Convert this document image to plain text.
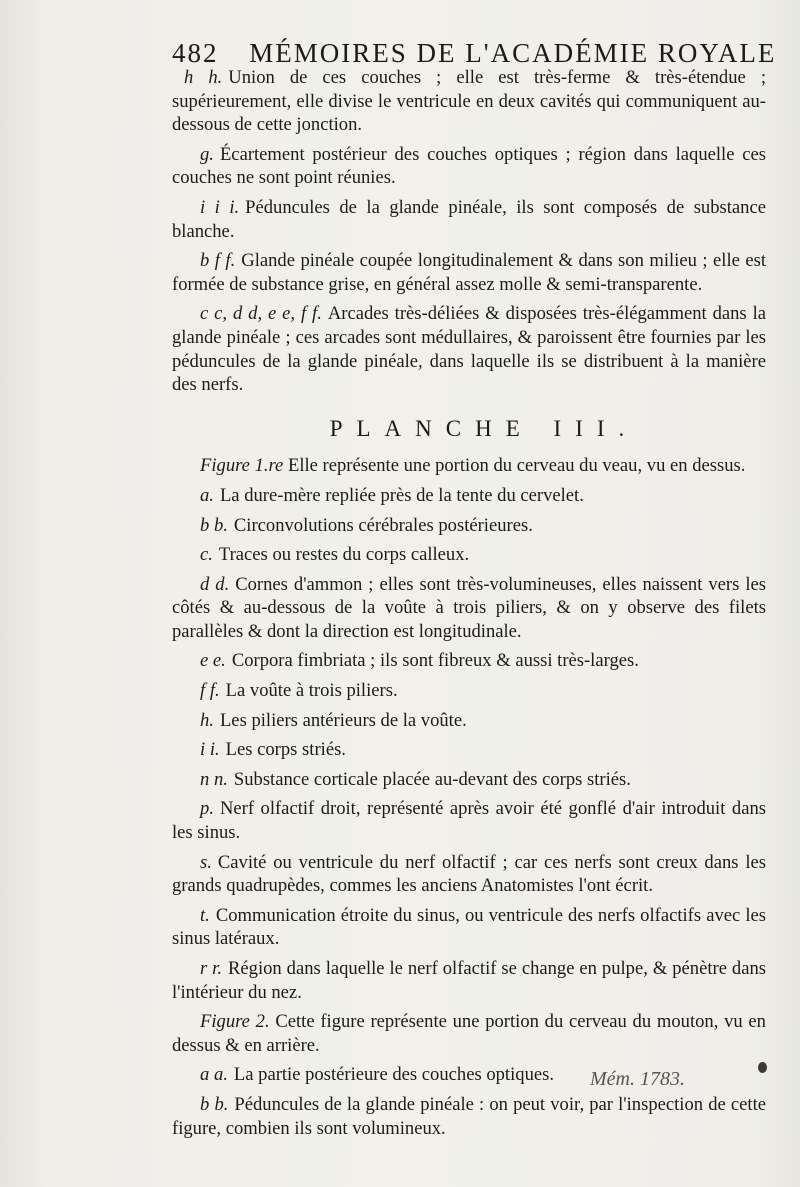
482 MÉMOIRES DE L'ACADÉMIE ROYALE

h h. Union de ces couches ; elle est très-ferme & très-étendue ; supérieurement, elle divise le ventricule en deux cavités qui communiquent au-dessous de cette jonction.

g. Écartement postérieur des couches optiques ; région dans laquelle ces couches ne sont point réunies.

i i i. Péduncules de la glande pinéale, ils sont composés de substance blanche.

b f f. Glande pinéale coupée longitudinalement & dans son milieu ; elle est formée de substance grise, en général assez molle & semi-transparente.

c c, d d, e e, f f. Arcades très-déliées & disposées très-élégamment dans la glande pinéale ; ces arcades sont médullaires, & paroissent être fournies par les péduncules de la glande pinéale, dans laquelle ils se distribuent à la manière des nerfs.

PLANCHE III.

Figure 1.re Elle représente une portion du cerveau du veau, vu en dessus.

a. La dure-mère repliée près de la tente du cervelet.

b b. Circonvolutions cérébrales postérieures.

c. Traces ou restes du corps calleux.

d d. Cornes d'ammon ; elles sont très-volumineuses, elles naissent vers les côtés & au-dessous de la voûte à trois piliers, & on y observe des filets parallèles & dont la direction est longitudinale.

e e. Corpora fimbriata ; ils sont fibreux & aussi très-larges.

f f. La voûte à trois piliers.

h. Les piliers antérieurs de la voûte.

i i. Les corps striés.

n n. Substance corticale placée au-devant des corps striés.

p. Nerf olfactif droit, représenté après avoir été gonflé d'air introduit dans les sinus.

s. Cavité ou ventricule du nerf olfactif ; car ces nerfs sont creux dans les grands quadrupèdes, commes les anciens Anatomistes l'ont écrit.

t. Communication étroite du sinus, ou ventricule des nerfs olfactifs avec les sinus latéraux.

r r. Région dans laquelle le nerf olfactif se change en pulpe, & pénètre dans l'intérieur du nez.

Figure 2. Cette figure représente une portion du cerveau du mouton, vu en dessus & en arrière.

a a. La partie postérieure des couches optiques.

b b. Péduncules de la glande pinéale : on peut voir, par l'inspection de cette figure, combien ils sont volumineux.

Mém. 1783.
